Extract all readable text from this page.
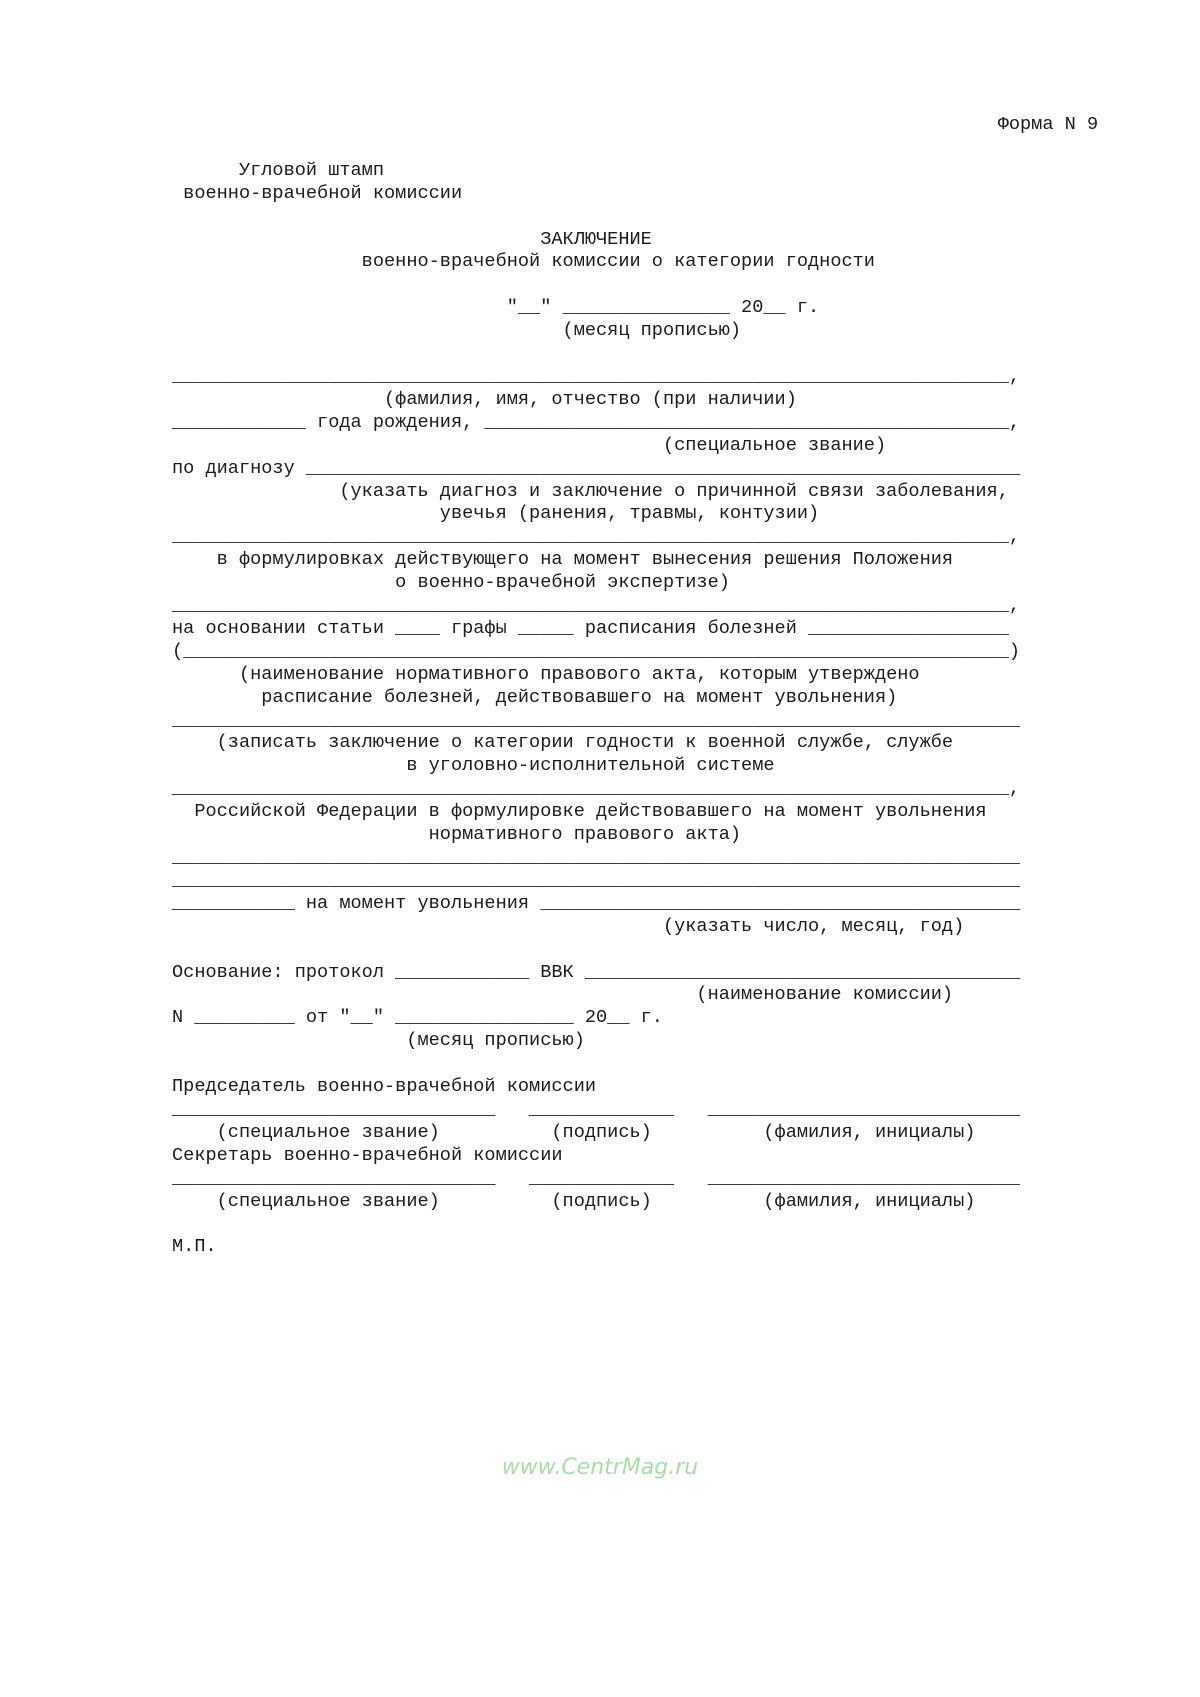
Форма N 9

Угловой штамп
военно-врачебной комиссии

ЗАКЛЮЧЕНИЕ
военно-врачебной комиссии о категории годности

"__" _______________ 20__ г.
(месяц прописью)

___________________________________________________________________________,
(фамилия, имя, отчество (при наличии)
____________ года рождения, _______________________________________________,
(специальное звание)
по диагнозу ________________________________________________________________
(указать диагноз и заключение о причинной связи заболевания,
увечья (ранения, травмы, контузии)
___________________________________________________________________________,
в формулировках действующего на момент вынесения решения Положения
о военно-врачебной экспертизе)
___________________________________________________________________________,
на основании статьи ____ графы _____ расписания болезней __________________
(__________________________________________________________________________)
(наименование нормативного правового акта, которым утверждено
расписание болезней, действовавшего на момент увольнения)
____________________________________________________________________________
(записать заключение о категории годности к военной службе, службе
в уголовно-исполнительной системе
___________________________________________________________________________,
Российской Федерации в формулировке действовавшего на момент увольнения
нормативного правового акта)
____________________________________________________________________________
____________________________________________________________________________
___________ на момент увольнения ___________________________________________
(указать число, месяц, год)

Основание: протокол ____________ ВВК _______________________________________
(наименование комиссии)
N _________ от "__" ________________ 20__ г.
(месяц прописью)

Председатель военно-врачебной комиссии
_____________________________   _____________   ____________________________
(специальное звание)          (подпись)          (фамилия, инициалы)
Секретарь военно-врачебной комиссии
_____________________________   _____________   ____________________________
(специальное звание)          (подпись)          (фамилия, инициалы)

М.П.
www.CentrMag.ru
